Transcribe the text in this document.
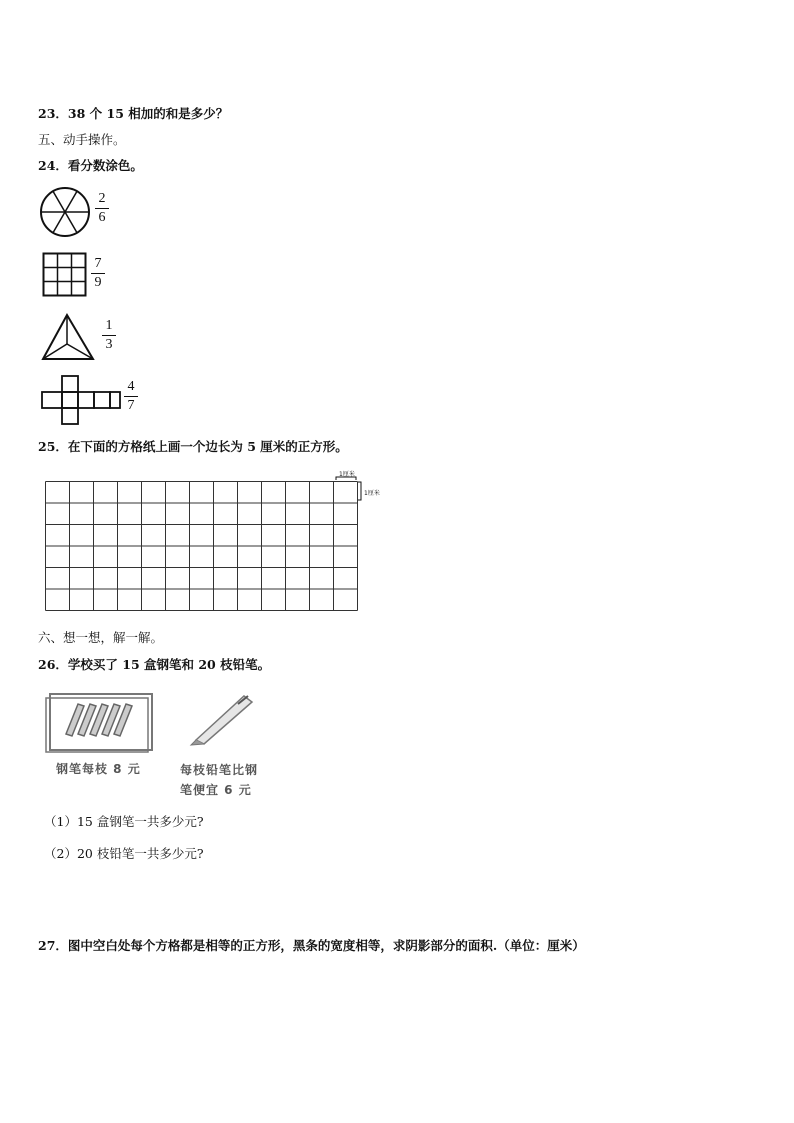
23．38 个 15 相加的和是多少？
五、动手操作。
24．看分数涂色。
2
6
7
9
1
3
4
7
25．在下面的方格纸上画一个边长为 5 厘米的正方形。
1厘米
1厘米
六、想一想，解一解。
26．学校买了 15 盒钢笔和 20 枝铅笔。
钢笔每枝 8 元	每枝铅笔比钢
笔便宜 6 元
（1）15 盒钢笔一共多少元?
（2）20 枝铅笔一共多少元?
27．图中空白处每个方格都是相等的正方形，黑条的宽度相等，求阴影部分的面积.（单位：厘米）
